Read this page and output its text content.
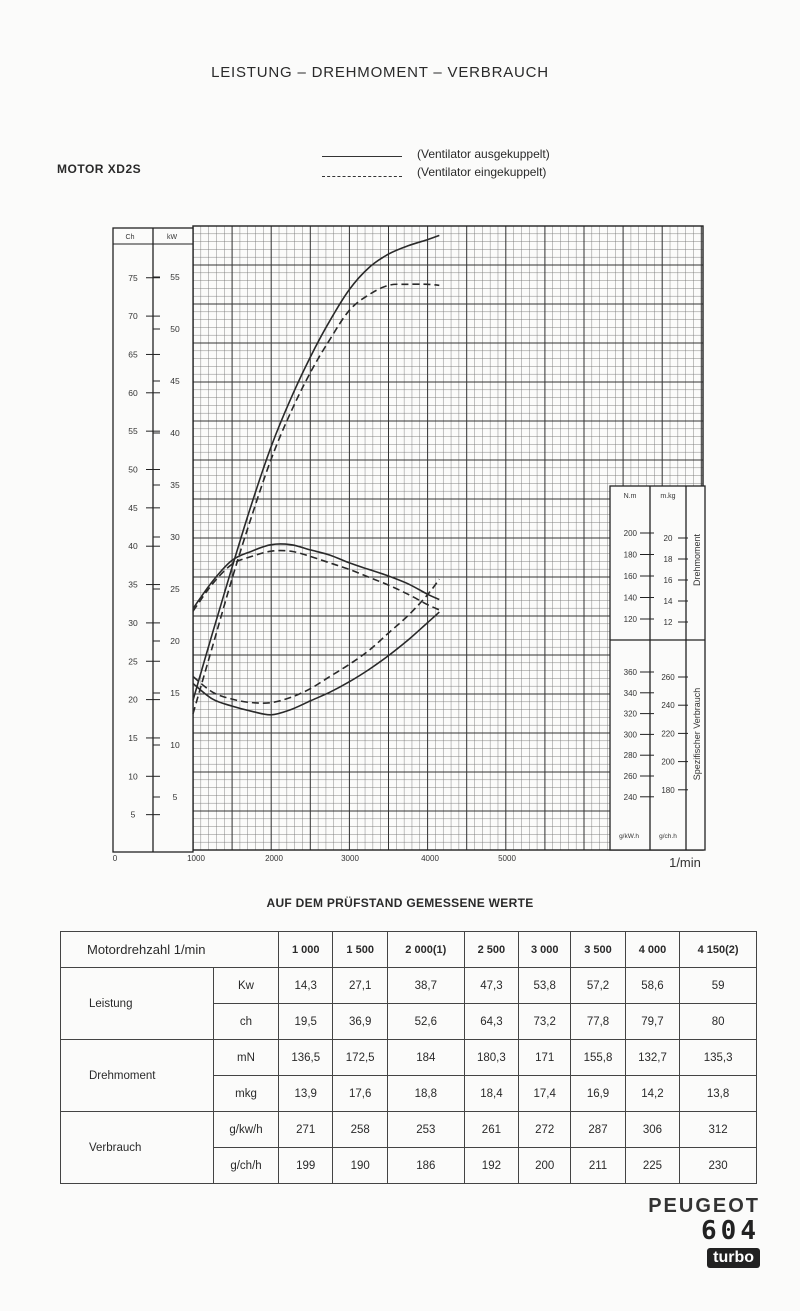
LEISTUNG – DREHMOMENT – VERBRAUCH
MOTOR XD2S
(Ventilator ausgekuppelt)
(Ventilator eingekuppelt)
Ch	kW
5
10
15
20
25
30
35
40
45
50
55
60
65
70
75
5
10
15
20
25
30
35
40
45
50
55
N.m	m.kg
g/kW.h	g/ch.h
120
140
160
180
200
12
14
16
18
20
240
260
280
300
320
340
360
180
200
220
240
260
Drehmoment
Spezifischer Verbrauch
0	1000	2000	3000	4000	5000	1/min
AUF DEM PRÜFSTAND GEMESSENE WERTE
Motordrehzahl 1/min		1 000	1 500	2 000(1)	2 500	3 000	3 500	4 000	4 150(2)
Leistung	Kw	14,3	27,1	38,7	47,3	53,8	57,2	58,6	59
	ch	19,5	36,9	52,6	64,3	73,2	77,8	79,7	80
Drehmoment	mN	136,5	172,5	184	180,3	171	155,8	132,7	135,3
	mkg	13,9	17,6	18,8	18,4	17,4	16,9	14,2	13,8
Verbrauch	g/kw/h	271	258	253	261	272	287	306	312
	g/ch/h	199	190	186	192	200	211	225	230
PEUGEOT
604
turbo
